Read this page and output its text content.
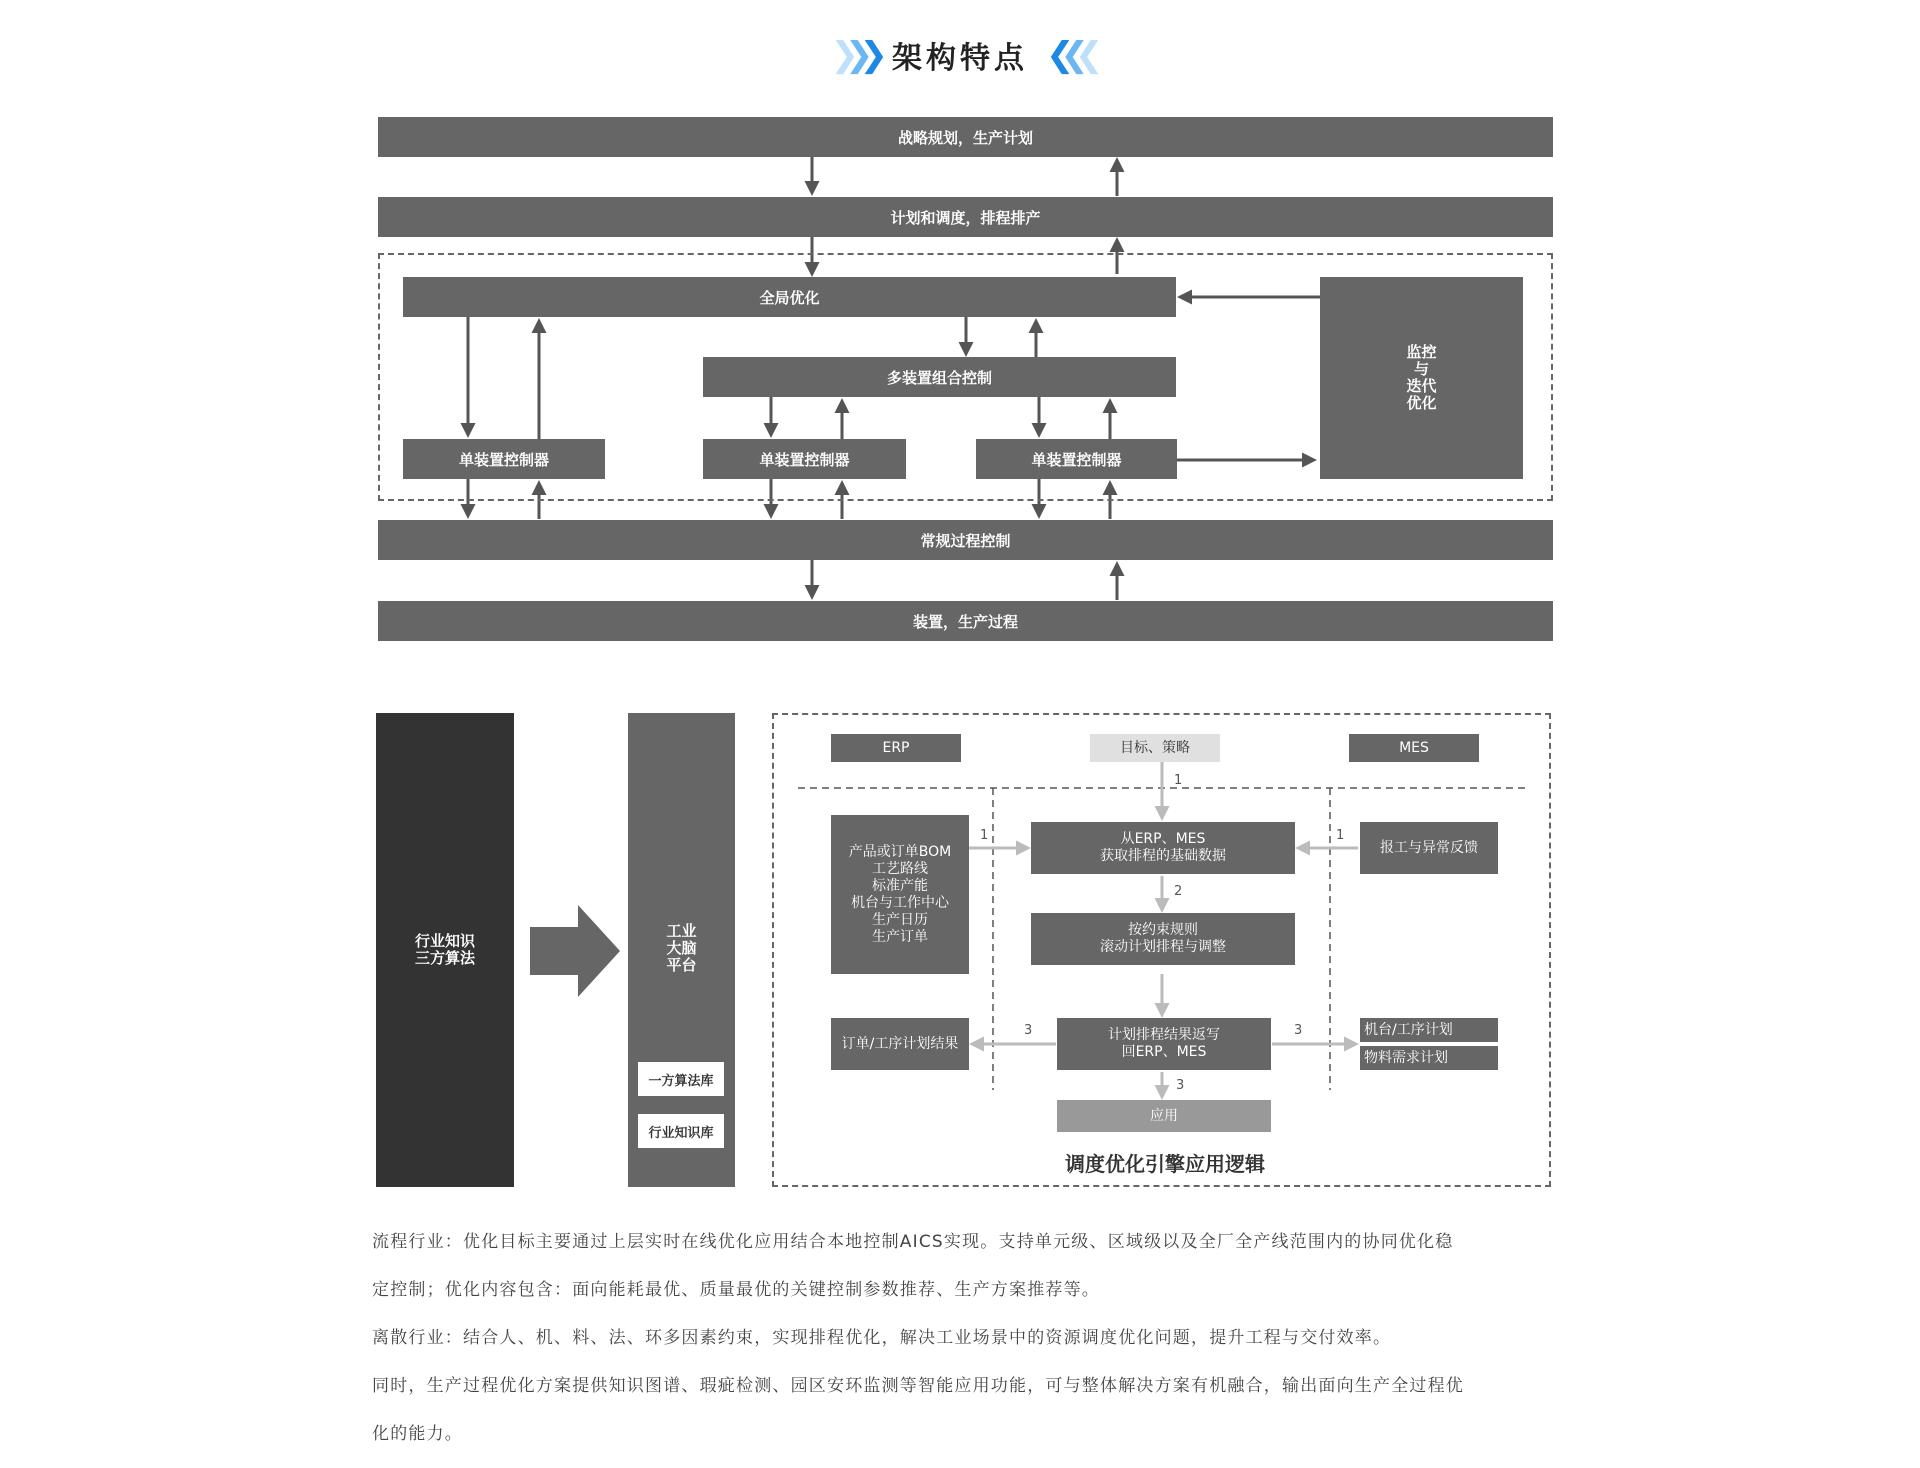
❯❯❯ 架构特点 ❮❮❮
战略规划，生产计划
计划和调度，排程排产
全局优化
多装置组合控制
单装置控制器	单装置控制器	单装置控制器
监控
与
迭代
优化
常规过程控制
装置，生产过程
行业知识
三方算法
工业
大脑
平台
一方算法库
行业知识库
ERP	目标、策略	MES
产品或订单BOM
工艺路线
标准产能
机台与工作中心
生产日历
生产订单
从ERP、MES
获取排程的基础数据
报工与异常反馈
按约束规则
滚动计划排程与调整
订单/工序计划结果
计划排程结果返写
回ERP、MES
机台/工序计划
物料需求计划
应用
1
1	1
2
3	3
3
调度优化引擎应用逻辑
流程行业：优化目标主要通过上层实时在线优化应用结合本地控制AICS实现。支持单元级、区域级以及全厂全产线范围内的协同优化稳
定控制；优化内容包含：面向能耗最优、质量最优的关键控制参数推荐、生产方案推荐等。
离散行业：结合人、机、料、法、环多因素约束，实现排程优化，解决工业场景中的资源调度优化问题，提升工程与交付效率。
同时，生产过程优化方案提供知识图谱、瑕疵检测、园区安环监测等智能应用功能，可与整体解决方案有机融合，输出面向生产全过程优
化的能力。
